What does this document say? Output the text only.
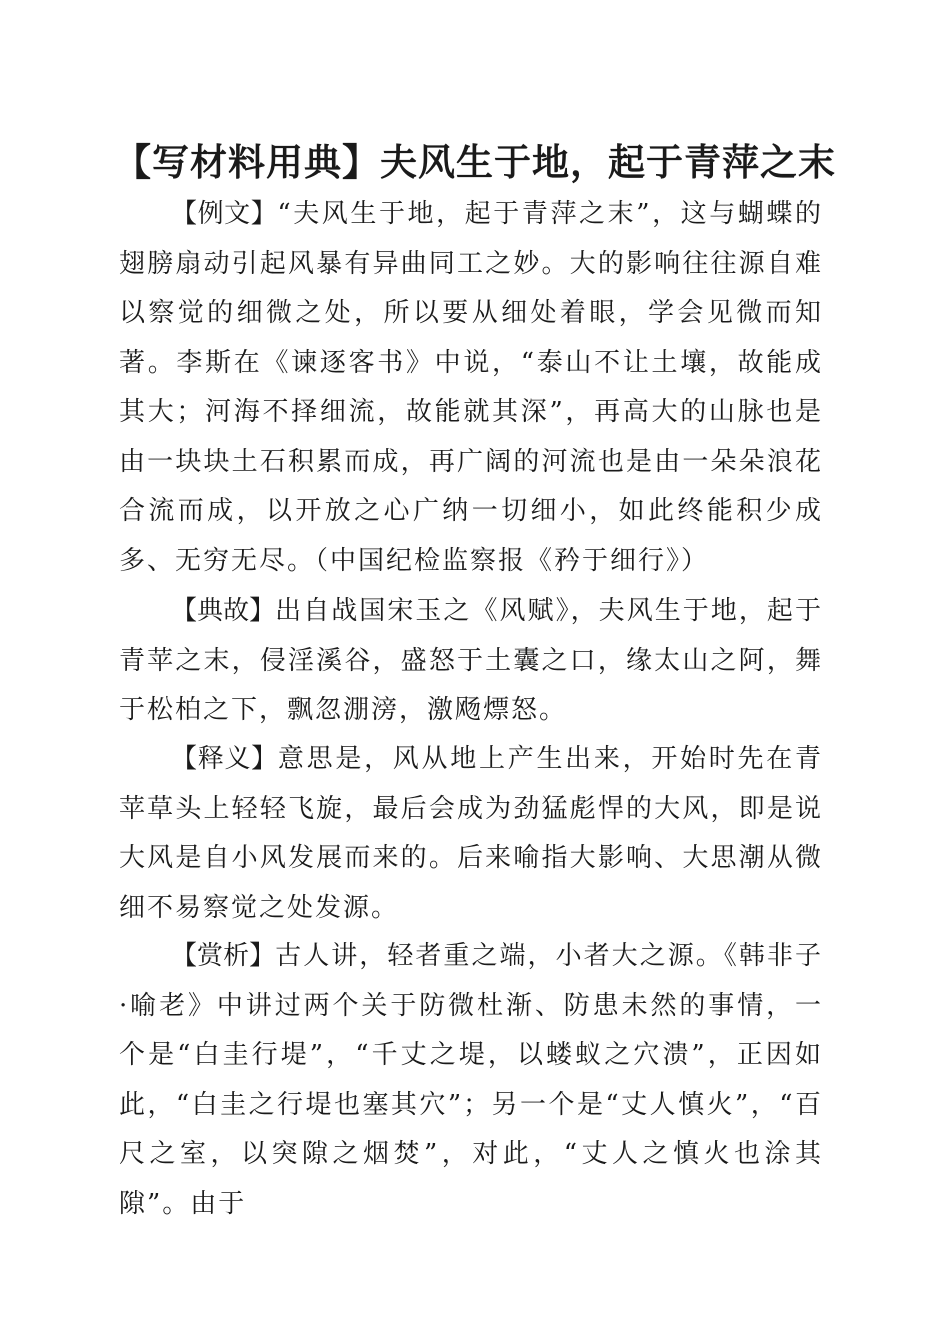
【写材料用典】夫风生于地，起于青萍之末

【例文】“夫风生于地，起于青萍之末”，这与蝴蝶的翅膀扇动引起风暴有异曲同工之妙。大的影响往往源自难以察觉的细微之处，所以要从细处着眼，学会见微而知著。李斯在《谏逐客书》中说，“泰山不让土壤，故能成其大；河海不择细流，故能就其深”，再高大的山脉也是由一块块土石积累而成，再广阔的河流也是由一朵朵浪花合流而成，以开放之心广纳一切细小，如此终能积少成多、无穷无尽。（中国纪检监察报《矜于细行》）

【典故】出自战国宋玉之《风赋》，夫风生于地，起于青苹之末，侵淫溪谷，盛怒于土囊之口，缘太山之阿，舞于松柏之下，飘忽淜滂，激飏熛怒。

【释义】意思是，风从地上产生出来，开始时先在青苹草头上轻轻飞旋，最后会成为劲猛彪悍的大风，即是说大风是自小风发展而来的。后来喻指大影响、大思潮从微细不易察觉之处发源。

【赏析】古人讲，轻者重之端，小者大之源。《韩非子·喻老》中讲过两个关于防微杜渐、防患未然的事情，一个是“白圭行堤”，“千丈之堤，以蝼蚁之穴溃”，正因如此，“白圭之行堤也塞其穴”；另一个是“丈人慎火”，“百尺之室，以突隙之烟焚”，对此，“丈人之慎火也涂其隙”。由于
